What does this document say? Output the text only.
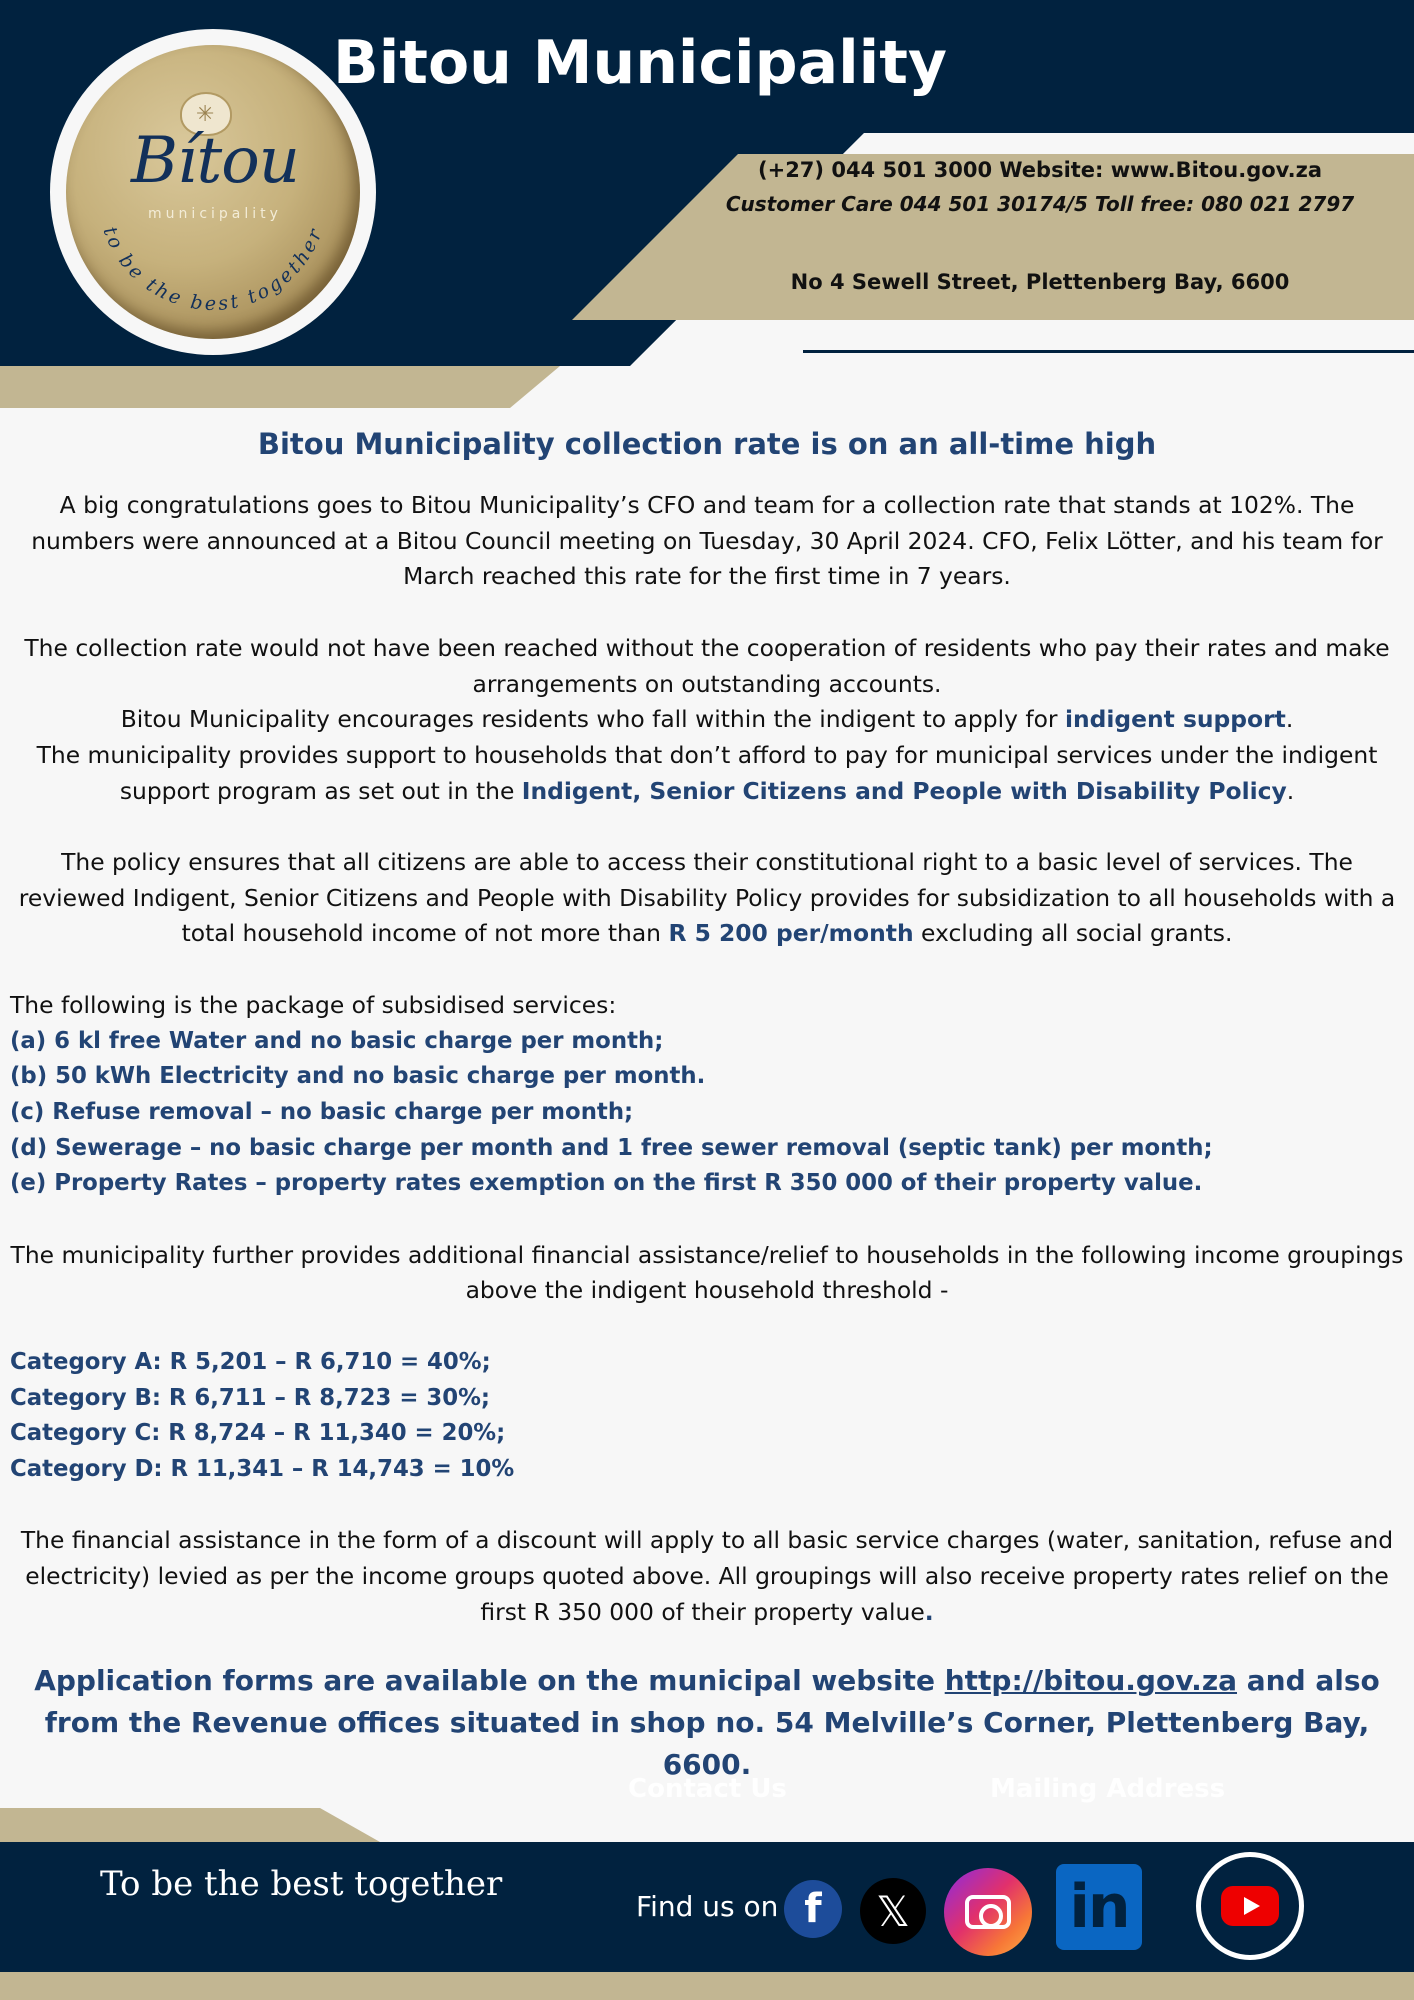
✳
Bítou
municipality
to be the best together
Bitou Municipality
(+27) 044 501 3000 Website: www.Bitou.gov.za
Customer Care 044 501 30174/5 Toll free: 080 021 2797
No 4 Sewell Street, Plettenberg Bay, 6600
Bitou Municipality collection rate is on an all-time high

A big congratulations goes to Bitou Municipality’s CFO and team for a collection rate that stands at 102%. The numbers were announced at a Bitou Council meeting on Tuesday, 30 April 2024. CFO, Felix Lötter, and his team for March reached this rate for the first time in 7 years.

The collection rate would not have been reached without the cooperation of residents who pay their rates and make arrangements on outstanding accounts.

Bitou Municipality encourages residents who fall within the indigent to apply for indigent support.

The municipality provides support to households that don’t afford to pay for municipal services under the indigent support program as set out in the Indigent, Senior Citizens and People with Disability Policy.

The policy ensures that all citizens are able to access their constitutional right to a basic level of services. The reviewed Indigent, Senior Citizens and People with Disability Policy provides for subsidization to all households with a total household income of not more than R 5 200 per/month excluding all social grants.

The following is the package of subsidised services:

(a) 6 kl free Water and no basic charge per month;

(b) 50 kWh Electricity and no basic charge per month.

(c) Refuse removal – no basic charge per month;

(d) Sewerage – no basic charge per month and 1 free sewer removal (septic tank) per month;

(e) Property Rates – property rates exemption on the first R 350 000 of their property value.

The municipality further provides additional financial assistance/relief to households in the following income groupings above the indigent household threshold -

Category A: R 5,201 – R 6,710 = 40%;

Category B: R 6,711 – R 8,723 = 30%;

Category C: R 8,724 – R 11,340 = 20%;

Category D: R 11,341 – R 14,743 = 10%

The financial assistance in the form of a discount will apply to all basic service charges (water, sanitation, refuse and electricity) levied as per the income groups quoted above. All groupings will also receive property rates relief on the first R 350 000 of their property value.

Application forms are available on the municipal website http://bitou.gov.za and also from the Revenue offices situated in shop no. 54 Melville’s Corner, Plettenberg Bay, 6600.

Contact Us	Mailing Address
To be the best together
Find us on f	𝕏	in
